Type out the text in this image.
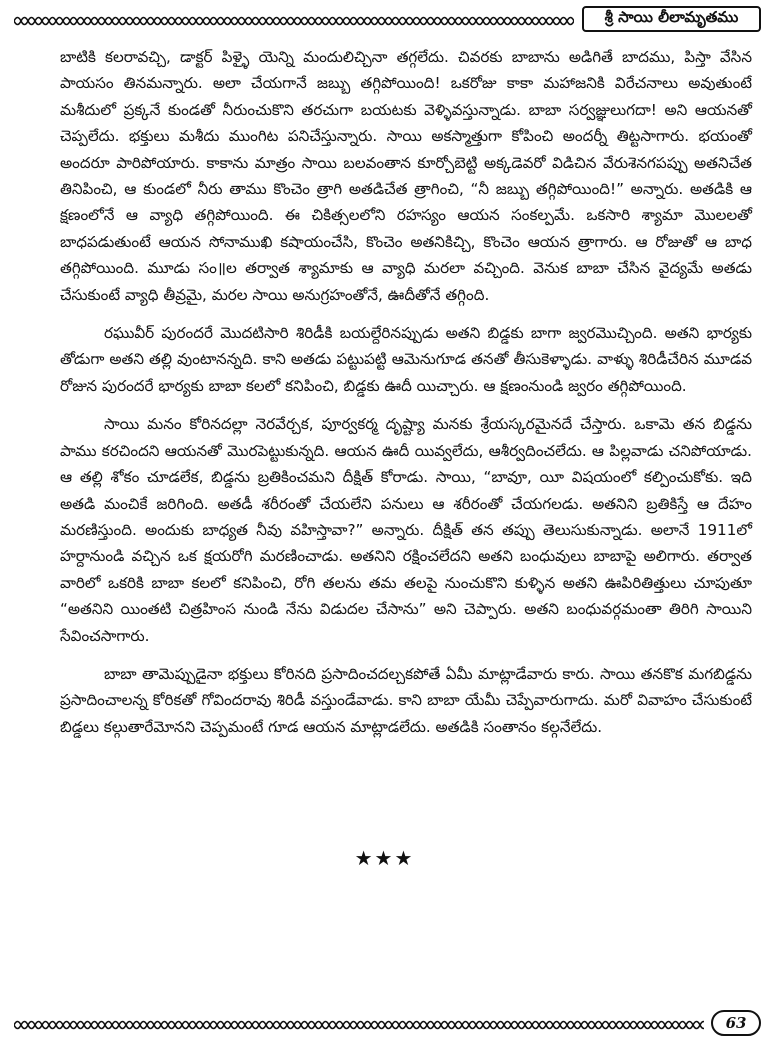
శ్రీ సాయి లీలామృతము

బాటికి కలరావచ్చి, డాక్టర్ పిళ్ళై యెన్ని మందులిచ్చినా తగ్గలేదు. చివరకు బాబాను అడిగితే బాదము, పిస్తా వేసిన పాయసం తినమన్నారు. అలా చేయగానే జబ్బు తగ్గిపోయింది! ఒకరోజు కాకా మహాజనికి విరేచనాలు అవుతుంటే మశీదులో ప్రక్కనే కుండతో నీరుంచుకొని తరచుగా బయటకు వెళ్ళివస్తున్నాడు. బాబా సర్వజ్ఞులుగదా! అని ఆయనతో చెప్పలేదు. భక్తులు మశీదు ముంగిట పనిచేస్తున్నారు. సాయి అకస్మాత్తుగా కోపించి అందర్నీ తిట్టసాగారు. భయంతో అందరూ పారిపోయారు. కాకాను మాత్రం సాయి బలవంతాన కూర్చోబెట్టి అక్కడెవరో విడిచిన వేరుశెనగపప్పు అతనిచేత తినిపించి, ఆ కుండలో నీరు తాము కొంచెం త్రాగి అతడిచేత త్రాగించి, “నీ జబ్బు తగ్గిపోయింది!” అన్నారు. అతడికి ఆ క్షణంలోనే ఆ వ్యాధి తగ్గిపోయింది. ఈ చికిత్సలలోని రహస్యం ఆయన సంకల్పమే. ఒకసారి శ్యామా మొలలతో బాధపడుతుంటే ఆయన సోనాముఖి కషాయంచేసి, కొంచెం అతనికిచ్చి, కొంచెం ఆయన త్రాగారు. ఆ రోజుతో ఆ బాధ తగ్గిపోయింది. మూడు సం॥ల తర్వాత శ్యామాకు ఆ వ్యాధి మరలా వచ్చింది. వెనుక బాబా చేసిన వైద్యమే అతడు చేసుకుంటే వ్యాధి తీవ్రమై, మరల సాయి అనుగ్రహంతోనే, ఊదీతోనే తగ్గింది.

రఘువీర్ పురందరే మొదటిసారి శిరిడీకి బయల్దేరినప్పుడు అతని బిడ్డకు బాగా జ్వరమొచ్చింది. అతని భార్యకు తోడుగా అతని తల్లి వుంటానన్నది. కాని అతడు పట్టుపట్టి ఆమెనుగూడ తనతో తీసుకెళ్ళాడు. వాళ్ళు శిరిడీచేరిన మూడవ రోజున పురందరే భార్యకు బాబా కలలో కనిపించి, బిడ్డకు ఊదీ యిచ్చారు. ఆ క్షణంనుండి జ్వరం తగ్గిపోయింది.

సాయి మనం కోరినదల్లా నెరవేర్చక, పూర్వకర్మ దృష్ట్యా మనకు శ్రేయస్కరమైనదే చేస్తారు. ఒకామె తన బిడ్డను పాము కరచిందని ఆయనతో మొరపెట్టుకున్నది. ఆయన ఊదీ యివ్వలేదు, ఆశీర్వదించలేదు. ఆ పిల్లవాడు చనిపోయాడు. ఆ తల్లి శోకం చూడలేక, బిడ్డను బ్రతికించమని దీక్షిత్ కోరాడు. సాయి, “బావూ, యీ విషయంలో కల్పించుకోకు. ఇది అతడి మంచికే జరిగింది. అతడీ శరీరంతో చేయలేని పనులు ఆ శరీరంతో చేయగలడు. అతనిని బ్రతికిస్తే ఆ దేహం మరణిస్తుంది. అందుకు బాధ్యత నీవు వహిస్తావా?” అన్నారు. దీక్షిత్ తన తప్పు తెలుసుకున్నాడు. అలానే 1911లో హర్దానుండి వచ్చిన ఒక క్షయరోగి మరణించాడు. అతనిని రక్షించలేదని అతని బంధువులు బాబాపై అలిగారు. తర్వాత వారిలో ఒకరికి బాబా కలలో కనిపించి, రోగి తలను తమ తలపై నుంచుకొని కుళ్ళిన అతని ఊపిరితిత్తులు చూపుతూ “అతనిని యింతటి చిత్రహింస నుండి నేను విడుదల చేసాను” అని చెప్పారు. అతని బంధువర్గమంతా తిరిగి సాయిని సేవించసాగారు.

బాబా తామెప్పుడైనా భక్తులు కోరినది ప్రసాదించదల్చకపోతే ఏమీ మాట్లాడేవారు కారు. సాయి తనకొక మగబిడ్డను ప్రసాదించాలన్న కోరికతో గోవిందరావు శిరిడీ వస్తుండేవాడు. కాని బాబా యేమీ చెప్పేవారుగాదు. మరో వివాహం చేసుకుంటే బిడ్డలు కల్గుతారేమోనని చెప్పమంటే గూడ ఆయన మాట్లాడలేదు. అతడికి సంతానం కల్గనేలేదు.

★★★
63
